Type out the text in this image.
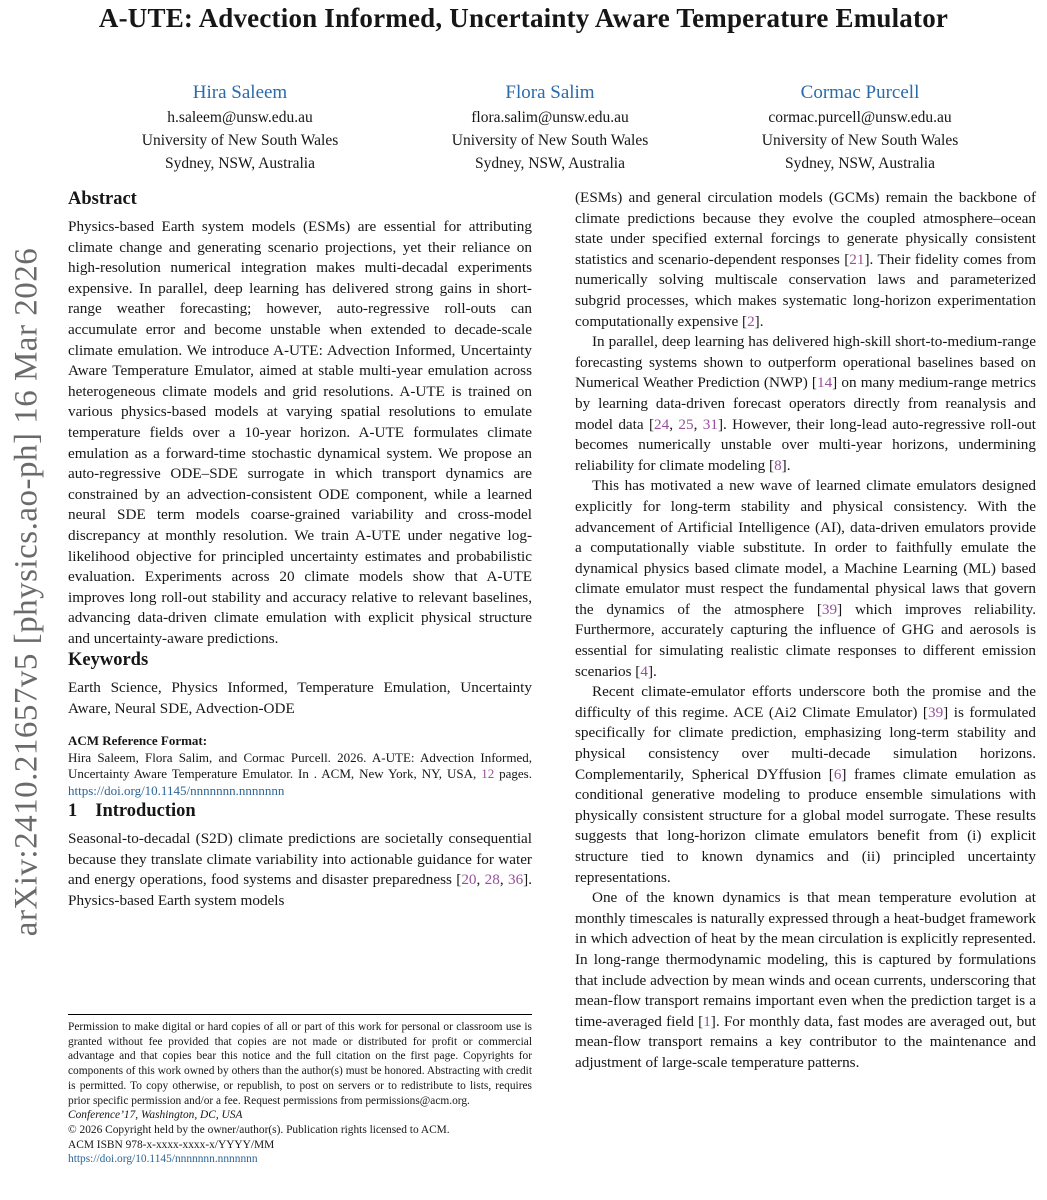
arXiv:2410.21657v5 [physics.ao-ph] 16 Mar 2026
A-UTE: Advection Informed, Uncertainty Aware Temperature Emulator
Hira Saleem
h.saleem@unsw.edu.au
University of New South Wales
Sydney, NSW, Australia
Flora Salim
flora.salim@unsw.edu.au
University of New South Wales
Sydney, NSW, Australia
Cormac Purcell
cormac.purcell@unsw.edu.au
University of New South Wales
Sydney, NSW, Australia
Abstract

Physics-based Earth system models (ESMs) are essential for attributing climate change and generating scenario projections, yet their reliance on high-resolution numerical integration makes multi-decadal experiments expensive. In parallel, deep learning has delivered strong gains in short-range weather forecasting; however, auto-regressive roll-outs can accumulate error and become unstable when extended to decade-scale climate emulation. We introduce A-UTE: Advection Informed, Uncertainty Aware Temperature Emulator, aimed at stable multi-year emulation across heterogeneous climate models and grid resolutions. A-UTE is trained on various physics-based models at varying spatial resolutions to emulate temperature fields over a 10-year horizon. A-UTE formulates climate emulation as a forward-time stochastic dynamical system. We propose an auto-regressive ODE–SDE surrogate in which transport dynamics are constrained by an advection-consistent ODE component, while a learned neural SDE term models coarse-grained variability and cross-model discrepancy at monthly resolution. We train A-UTE under negative log-likelihood objective for principled uncertainty estimates and probabilistic evaluation. Experiments across 20 climate models show that A-UTE improves long roll-out stability and accuracy relative to relevant baselines, advancing data-driven climate emulation with explicit physical structure and uncertainty-aware predictions.

Keywords

Earth Science, Physics Informed, Temperature Emulation, Uncertainty Aware, Neural SDE, Advection-ODE

ACM Reference Format:

Hira Saleem, Flora Salim, and Cormac Purcell. 2026. A-UTE: Advection Informed, Uncertainty Aware Temperature Emulator. In . ACM, New York, NY, USA, 12 pages. https://doi.org/10.1145/nnnnnnn.nnnnnnn

1 Introduction

Seasonal-to-decadal (S2D) climate predictions are societally consequential because they translate climate variability into actionable guidance for water and energy operations, food systems and disaster preparedness [20, 28, 36]. Physics-based Earth system models

(ESMs) and general circulation models (GCMs) remain the backbone of climate predictions because they evolve the coupled atmosphere–ocean state under specified external forcings to generate physically consistent statistics and scenario-dependent responses [21]. Their fidelity comes from numerically solving multiscale conservation laws and parameterized subgrid processes, which makes systematic long-horizon experimentation computationally expensive [2].

In parallel, deep learning has delivered high-skill short-to-medium-range forecasting systems shown to outperform operational baselines based on Numerical Weather Prediction (NWP) [14] on many medium-range metrics by learning data-driven forecast operators directly from reanalysis and model data [24, 25, 31]. However, their long-lead auto-regressive roll-out becomes numerically unstable over multi-year horizons, undermining reliability for climate modeling [8].

This has motivated a new wave of learned climate emulators designed explicitly for long-term stability and physical consistency. With the advancement of Artificial Intelligence (AI), data-driven emulators provide a computationally viable substitute. In order to faithfully emulate the dynamical physics based climate model, a Machine Learning (ML) based climate emulator must respect the fundamental physical laws that govern the dynamics of the atmosphere [39] which improves reliability. Furthermore, accurately capturing the influence of GHG and aerosols is essential for simulating realistic climate responses to different emission scenarios [4].

Recent climate-emulator efforts underscore both the promise and the difficulty of this regime. ACE (Ai2 Climate Emulator) [39] is formulated specifically for climate prediction, emphasizing long-term stability and physical consistency over multi-decade simulation horizons. Complementarily, Spherical DYffusion [6] frames climate emulation as conditional generative modeling to produce ensemble simulations with physically consistent structure for a global model surrogate. These results suggests that long-horizon climate emulators benefit from (i) explicit structure tied to known dynamics and (ii) principled uncertainty representations.

One of the known dynamics is that mean temperature evolution at monthly timescales is naturally expressed through a heat-budget framework in which advection of heat by the mean circulation is explicitly represented. In long-range thermodynamic modeling, this is captured by formulations that include advection by mean winds and ocean currents, underscoring that mean-flow transport remains important even when the prediction target is a time-averaged field [1]. For monthly data, fast modes are averaged out, but mean-flow transport remains a key contributor to the maintenance and adjustment of large-scale temperature patterns.

Permission to make digital or hard copies of all or part of this work for personal or classroom use is granted without fee provided that copies are not made or distributed for profit or commercial advantage and that copies bear this notice and the full citation on the first page. Copyrights for components of this work owned by others than the author(s) must be honored. Abstracting with credit is permitted. To copy otherwise, or republish, to post on servers or to redistribute to lists, requires prior specific permission and/or a fee. Request permissions from permissions@acm.org.

Conference’17, Washington, DC, USA

© 2026 Copyright held by the owner/author(s). Publication rights licensed to ACM.

ACM ISBN 978-x-xxxx-xxxx-x/YYYY/MM

https://doi.org/10.1145/nnnnnnn.nnnnnnn
